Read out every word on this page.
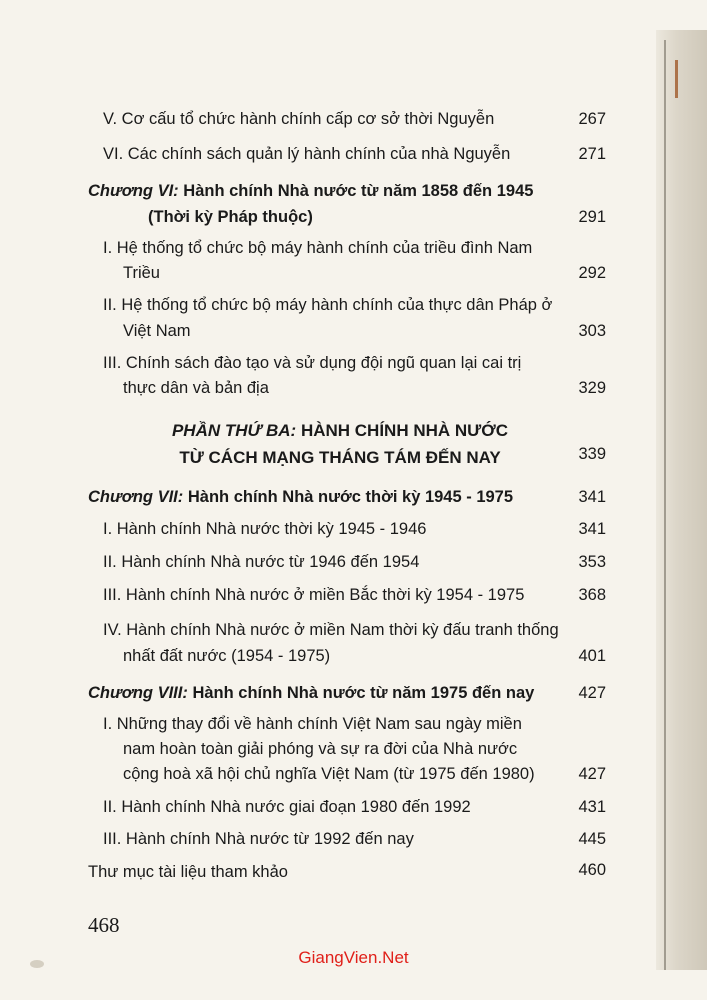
V. Cơ cấu tổ chức hành chính cấp cơ sở thời Nguyễn	267
VI. Các chính sách quản lý hành chính của nhà Nguyễn	271
Chương VI: Hành chính Nhà nước từ năm 1858 đến 1945
(Thời kỳ Pháp thuộc)	291
I. Hệ thống tổ chức bộ máy hành chính của triều đình Nam
Triều	292
II. Hệ thống tổ chức bộ máy hành chính của thực dân Pháp ở
Việt Nam	303
III. Chính sách đào tạo và sử dụng đội ngũ quan lại cai trị
thực dân và bản địa	329
PHẦN THỨ BA: HÀNH CHÍNH NHÀ NƯỚC
TỪ CÁCH MẠNG THÁNG TÁM ĐẾN NAY	339
Chương VII: Hành chính Nhà nước thời kỳ 1945 - 1975	341
I. Hành chính Nhà nước thời kỳ 1945 - 1946	341
II. Hành chính Nhà nước từ 1946 đến 1954	353
III. Hành chính Nhà nước ở miền Bắc thời kỳ 1954 - 1975	368
IV. Hành chính Nhà nước ở miền Nam thời kỳ đấu tranh thống
nhất đất nước (1954 - 1975)	401
Chương VIII: Hành chính Nhà nước từ năm 1975 đến nay	427
I. Những thay đổi về hành chính Việt Nam sau ngày miền
nam hoàn toàn giải phóng và sự ra đời của Nhà nước
cộng hoà xã hội chủ nghĩa Việt Nam (từ 1975 đến 1980)	427
II. Hành chính Nhà nước giai đoạn 1980 đến 1992	431
III. Hành chính Nhà nước từ 1992 đến nay	445
Thư mục tài liệu tham khảo	460
468
GiangVien.Net
